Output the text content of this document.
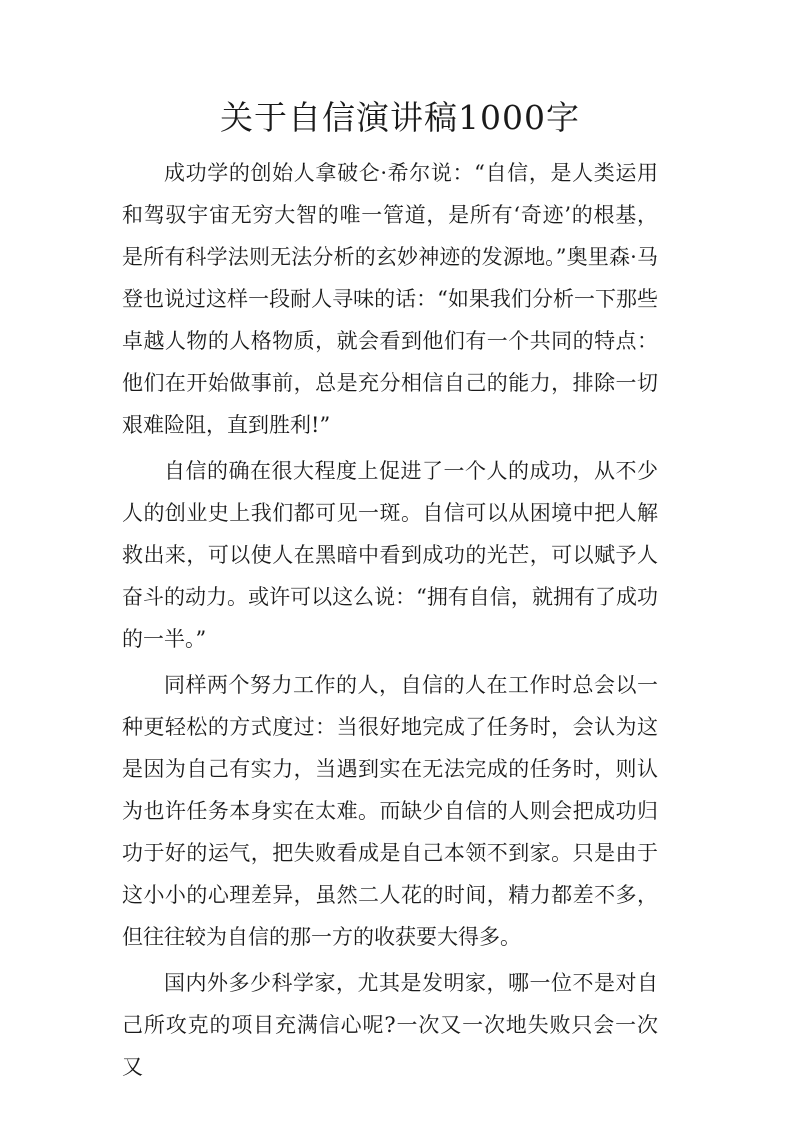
关于自信演讲稿1000字

成功学的创始人拿破仑·希尔说：“自信，是人类运用和驾驭宇宙无穷大智的唯一管道，是所有‘奇迹’的根基，是所有科学法则无法分析的玄妙神迹的发源地。”奥里森·马登也说过这样一段耐人寻味的话：“如果我们分析一下那些卓越人物的人格物质，就会看到他们有一个共同的特点：他们在开始做事前，总是充分相信自己的能力，排除一切艰难险阻，直到胜利!”

自信的确在很大程度上促进了一个人的成功，从不少人的创业史上我们都可见一斑。自信可以从困境中把人解救出来，可以使人在黑暗中看到成功的光芒，可以赋予人奋斗的动力。或许可以这么说：“拥有自信，就拥有了成功的一半。”

同样两个努力工作的人，自信的人在工作时总会以一种更轻松的方式度过：当很好地完成了任务时，会认为这是因为自己有实力，当遇到实在无法完成的任务时，则认为也许任务本身实在太难。而缺少自信的人则会把成功归功于好的运气，把失败看成是自己本领不到家。只是由于这小小的心理差异，虽然二人花的时间，精力都差不多，但往往较为自信的那一方的收获要大得多。

国内外多少科学家，尤其是发明家，哪一位不是对自己所攻克的项目充满信心呢?一次又一次地失败只会一次又
